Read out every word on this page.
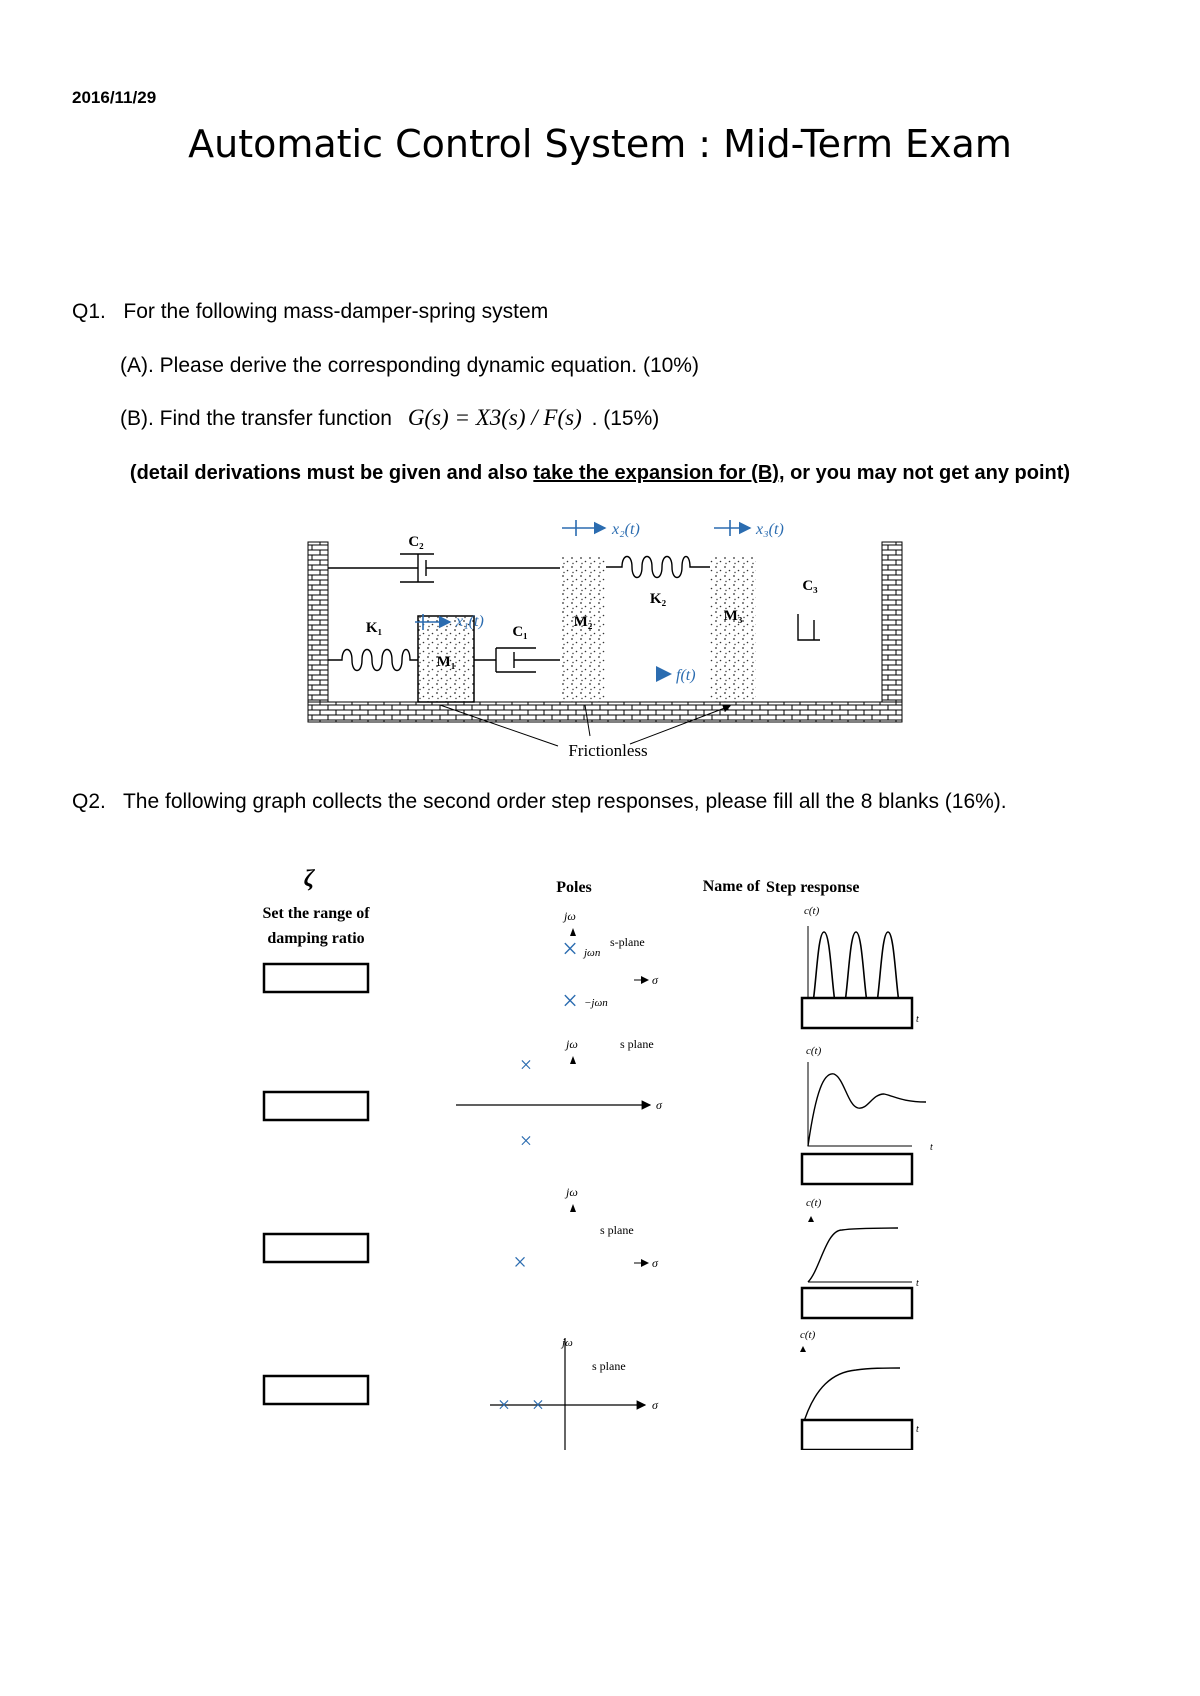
2016/11/29
Automatic Control System : Mid-Term Exam
Q1. For the following mass-damper-spring system
(A). Please derive the corresponding dynamic equation. (10%)
(B). Find the transfer function G(s) = X3(s) / F(s) . (15%)
(detail derivations must be given and also take the expansion for (B), or you may not get any point)
M₁
M₂	M₃
K₁
K₂
C₂
C₁
C₃
x₁(t)
x₂(t)	x₃(t)
f(t)
Frictionless
Q2. The following graph collects the second order step responses, please fill all the 8 blanks (16%).
ζ
Set the range of
damping ratio
Poles	Name of Step response
jω
s-plane
× jωn
σ
× −jωn
jω	s plane
×
σ
×
jω
s plane
×	σ
jω
s plane
σ
× ×
c(t)
t
c(t)
t
c(t)
t
c(t)
t
